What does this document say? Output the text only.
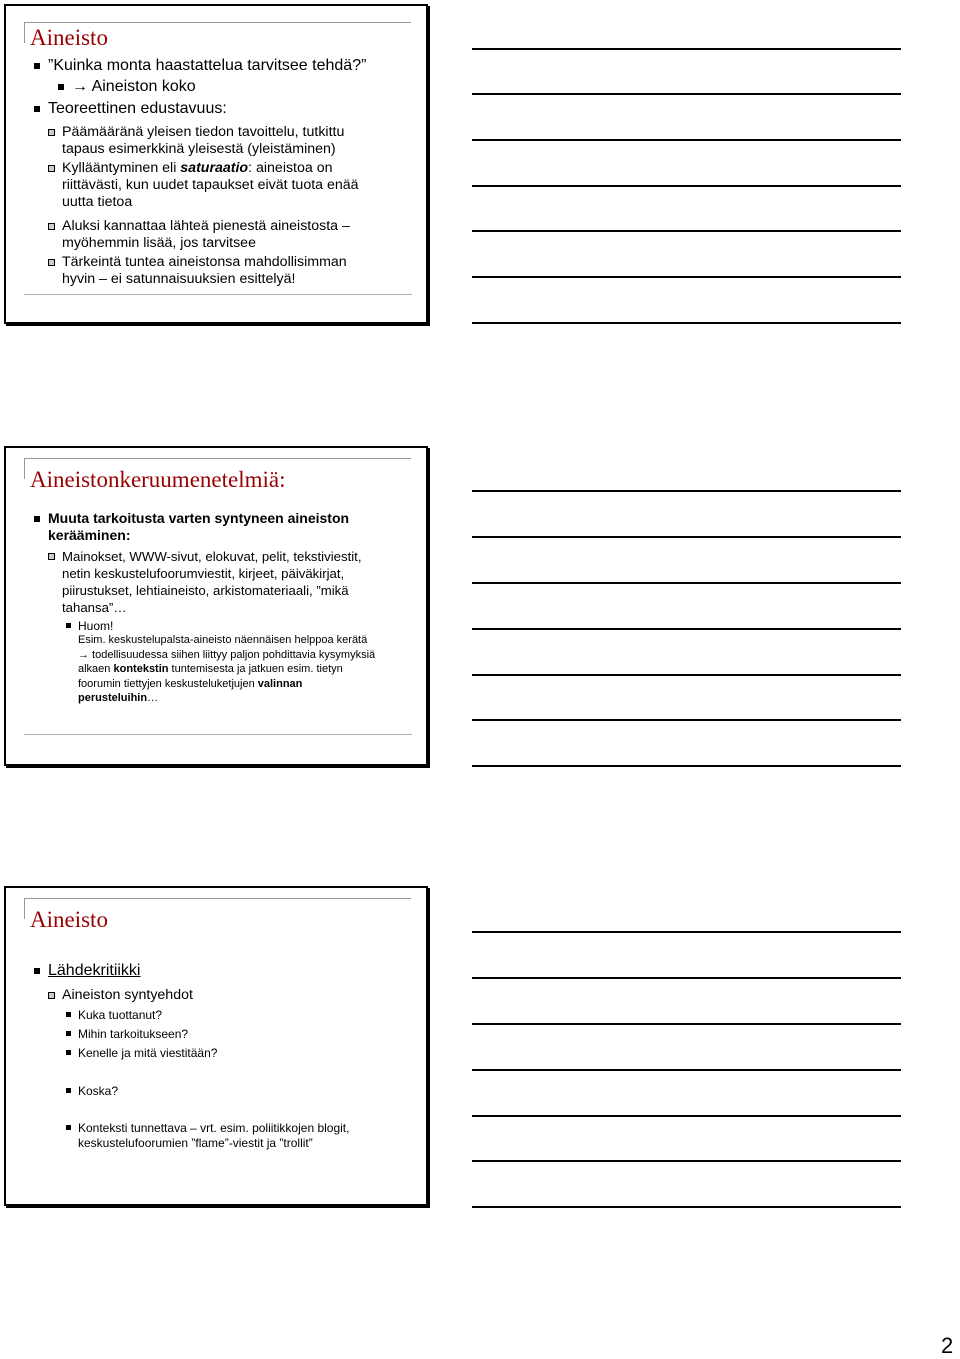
Aineisto
”Kuinka monta haastattelua tarvitsee tehdä?”
→ Aineiston koko
Teoreettinen edustavuus:
Päämääränä yleisen tiedon tavoittelu, tutkittu
tapaus esimerkkinä yleisestä (yleistäminen)
Kyllääntyminen eli saturaatio: aineistoa on
riittävästi, kun uudet tapaukset eivät tuota enää
uutta tietoa
Aluksi kannattaa lähteä pienestä aineistosta –
myöhemmin lisää, jos tarvitsee
Tärkeintä tuntea aineistonsa mahdollisimman
hyvin – ei satunnaisuuksien esittelyä!
Aineistonkeruumenetelmiä:
Muuta tarkoitusta varten syntyneen aineiston
kerääminen:
Mainokset, WWW-sivut, elokuvat, pelit, tekstiviestit,
netin keskustelufoorumviestit, kirjeet, päiväkirjat,
piirustukset, lehtiaineisto, arkistomateriaali, ”mikä
tahansa”…
Huom!
Esim. keskustelupalsta-aineisto näennäisen helppoa kerätä
→ todellisuudessa siihen liittyy paljon pohdittavia kysymyksiä
alkaen kontekstin tuntemisesta ja jatkuen esim. tietyn
foorumin tiettyjen keskusteluketjujen valinnan
perusteluihin…
Aineisto
Lähdekritiikki
Aineiston syntyehdot
Kuka tuottanut?
Mihin tarkoitukseen?
Kenelle ja mitä viestitään?
Koska?
Konteksti tunnettava – vrt. esim. poliitikkojen blogit,
keskustelufoorumien ”flame”-viestit ja ”trollit”
2
